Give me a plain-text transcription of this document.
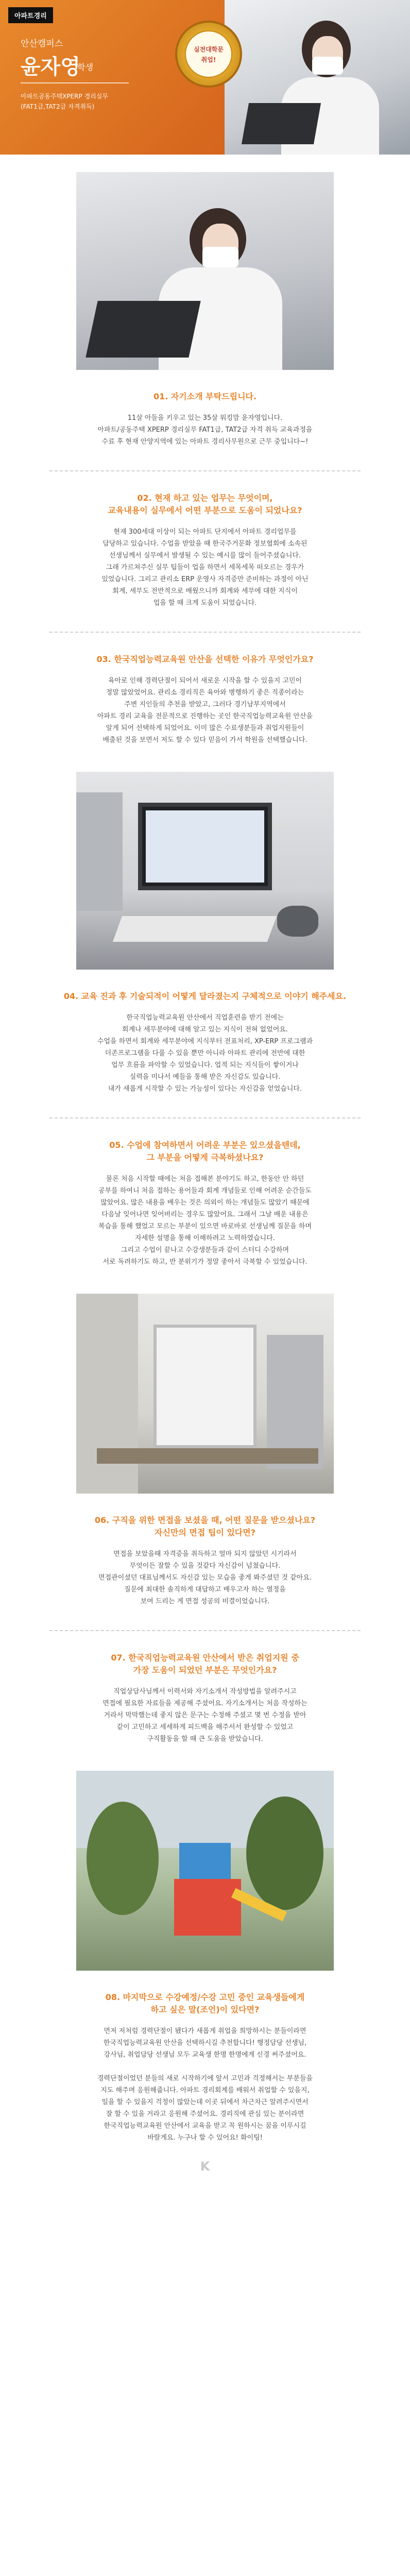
아파트경리
안산캠퍼스
윤자영
학생
아파트공동주택XPERP 경리실무
(FAT1급,TAT2급 자격취득)
실전대학문
취업!
01. 자기소개 부탁드립니다.
11살 아들을 키우고 있는 35살 워킹맘 윤자영입니다.
아파트/공동주택 XPERP 경리실무 FAT1급, TAT2급 자격 취득 교육과정을
수료 후 현재 안양지역에 있는 아파트 경리사무원으로 근무 중입니다~!
02. 현재 하고 있는 업무는 무엇이며,
교육내용이 실무에서 어떤 부분으로 도움이 되었나요?
현재 300세대 이상이 되는 아파트 단지에서 아파트 경리업무를
담당하고 있습니다. 수업을 받았을 때 한국주거문화 정보협회에 소속된
선생님께서 실무에서 발생될 수 있는 예시를 많이 들어주셨습니다.
그래 가르쳐주신 실무 팁들이 업을 하면서 세목세목 떠오르는 경우가
있었습니다. 그리고 관리소 ERP 운영사 자격증만 준비하는 과정이 아닌
회계, 세무도 전반적으로 배웠으니까 회계와 세무에 대한 지식이
업을 할 때 크게 도움이 되었습니다.
03. 한국직업능력교육원 안산을 선택한 이유가 무엇인가요?
육아로 인해 경력단절이 되어서 새로운 시작을 할 수 있을지 고민이
정말 많았었어요. 관리소 경리직은 육아와 병행하기 좋은 직종이라는
주변 지인들의 추천을 받았고, 그러다 경기남부지역에서
아파트 경리 교육을 전문적으로 진행하는 곳인 한국직업능력교육원 안산을
알게 되어 선택하게 되었어요. 이미 많은 수료생분들과 취업지원들이
배출된 것을 보면서 저도 할 수 있다 믿음이 가서 학원을 선택했습니다.
04. 교육 진과 후 기술되적이 어떻게 달라졌는지 구체적으로 이야기 해주세요.
한국직업능력교육원 안산에서 직업훈련을 받기 전에는
회계나 세무분야에 대해 알고 있는 지식이 전혀 없었어요.
수업을 하면서 회계와 세무분야에 지식부터 전표처리, XP-ERP 프로그램과
더존프로그램을 다룰 수 있을 뿐만 아니라 아파트 관리에 전반에 대한
업무 흐름을 파악할 수 있었습니다. 업적 되는 지식들이 쌓이거나
실력을 미나서 예들을 통해 받은 자신감도 있습니다.
내가 새롭게 시작할 수 있는 가능성이 있다는 자신감을 얻었습니다.
05. 수업에 참여하면서 어려운 부분은 있으셨을텐데,
그 부분을 어떻게 극복하셨나요?
물론 처음 시작할 때에는 처음 접해본 분야기도 하고, 한동안 안 하던
공부를 하여니 처음 접하는 용어들과 회계 개념들로 인해 어려운 순간들도
많았어요. 많은 내용을 배우는 것은 의외이 하는 개념들도 많았기 때문에
다음날 잊어나면 잊어버리는 경우도 많았어요. 그래서 그날 배운 내용은
복습을 통해 했었고 모르는 부분이 있으면 바로바로 선생님께 질문을 하며
자세한 설명을 통해 이해하려고 노력하였습니다.
그리고 수업이 끝나고 수강생분들과 같이 스터디 수강하며
서로 독려하기도 하고, 반 분위기가 정말 좋아서 극복할 수 있었습니다.
06. 구직을 위한 면접을 보셨을 때, 어떤 질문을 받으셨나요?
자신만의 면접 팁이 있다면?
면접을 보았을때 자격증을 취득하고 얼마 되지 않았던 시기라서
무엇이든 잘할 수 있을 것같다 자신감이 넘쳤습니다.
면접관이셨던 대표님께서도 자신감 있는 모습을 좋게 봐주셨던 것 같아요.
질문에 최대한 솔직하게 대답하고 배우고자 하는 열정을
보여 드리는 게 면접 성공의 비결이었습니다.
07. 한국직업능력교육원 안산에서 받은 취업지원 중
가장 도움이 되었던 부분은 무엇인가요?
직업상담사님께서 이력서와 자기소개서 작성방법을 알려주시고
면접에 필요한 자료들을 제공해 주셨어요. 자기소개서는 처음 작성하는
거라서 막막했는데 좋지 않은 문구는 수정해 주셨고 몇 번 수정을 받아
같이 고민하고 세세하게 피드백을 해주셔서 완성할 수 있었고
구직활동을 할 때 큰 도움을 받았습니다.
08. 마지막으로 수강예정/수강 고민 중인 교육생들에게
하고 싶은 말(조언)이 있다면?
먼저 저처럼 경력단절이 됐다가 새롭게 취업을 희망하시는 분들이라면
한국직업능력교육원 안산을 선택하시길 추천합니다! 행정담당 선생님,
강사님, 취업담당 선생님 모두 교육생 한명 한명에게 신경 써주셨어요.
경력단절이었던 분들의 새로 시작하기에 앞서 고민과 걱정해서는 부분들을
지도 해주며 응원해줍니다. 아파트 경리회계를 배워서 취업할 수 있을지,
일을 할 수 있을지 걱정이 많았는데 이곳 뒤에서 차근차근 알려주시면서
잘 할 수 있을 거라고 응원해 주셨어요. 경리직에 관심 있는 분이라면
한국직업능력교육원 안산에서 교육을 받고 꼭 원하시는 꿈을 이루시길
바랄게요. 누구나 할 수 있어요! 화이팅!
K
